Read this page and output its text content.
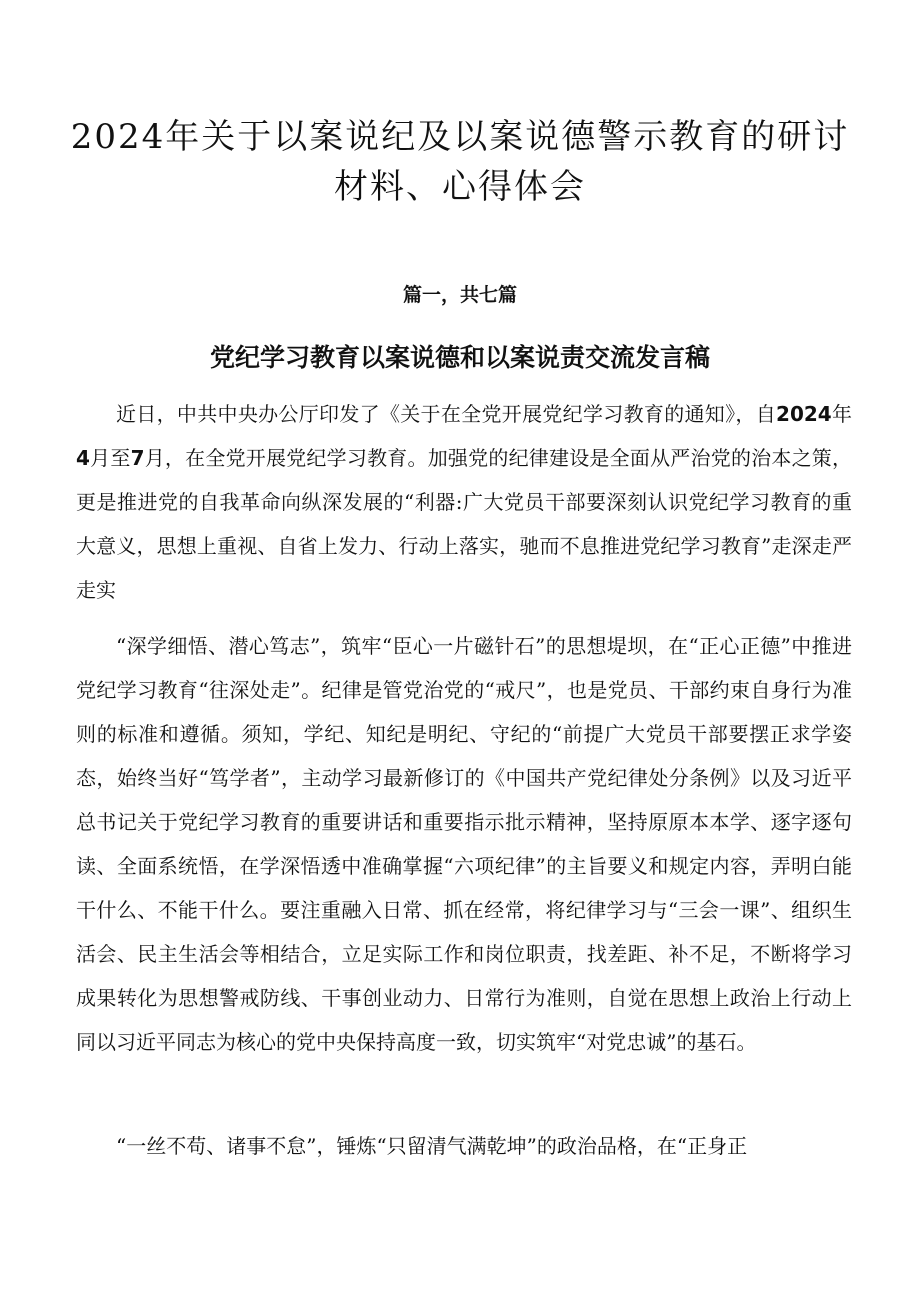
2024年关于以案说纪及以案说德警示教育的研讨材料、心得体会
篇一，共七篇
党纪学习教育以案说德和以案说责交流发言稿

近日，中共中央办公厅印发了《关于在全党开展党纪学习教育的通知》，自2024年4月至7月，在全党开展党纪学习教育。加强党的纪律建设是全面从严治党的治本之策，更是推进党的自我革命向纵深发展的“利器:广大党员干部要深刻认识党纪学习教育的重大意义，思想上重视、自省上发力、行动上落实，驰而不息推进党纪学习教育”走深走严走实

“深学细悟、潜心笃志”，筑牢“臣心一片磁针石”的思想堤坝，在“正心正德”中推进党纪学习教育“往深处走”。纪律是管党治党的“戒尺”，也是党员、干部约束自身行为准则的标准和遵循。须知，学纪、知纪是明纪、守纪的“前提广大党员干部要摆正求学姿态，始终当好“笃学者”，主动学习最新修订的《中国共产党纪律处分条例》以及习近平总书记关于党纪学习教育的重要讲话和重要指示批示精神，坚持原原本本学、逐字逐句读、全面系统悟，在学深悟透中准确掌握“六项纪律”的主旨要义和规定内容，弄明白能干什么、不能干什么。要注重融入日常、抓在经常，将纪律学习与“三会一课”、组织生活会、民主生活会等相结合，立足实际工作和岗位职责，找差距、补不足，不断将学习成果转化为思想警戒防线、干事创业动力、日常行为准则，自觉在思想上政治上行动上同以习近平同志为核心的党中央保持高度一致，切实筑牢“对党忠诚”的基石。

“一丝不苟、诸事不怠”，锤炼“只留清气满乾坤”的政治品格，在“正身正
